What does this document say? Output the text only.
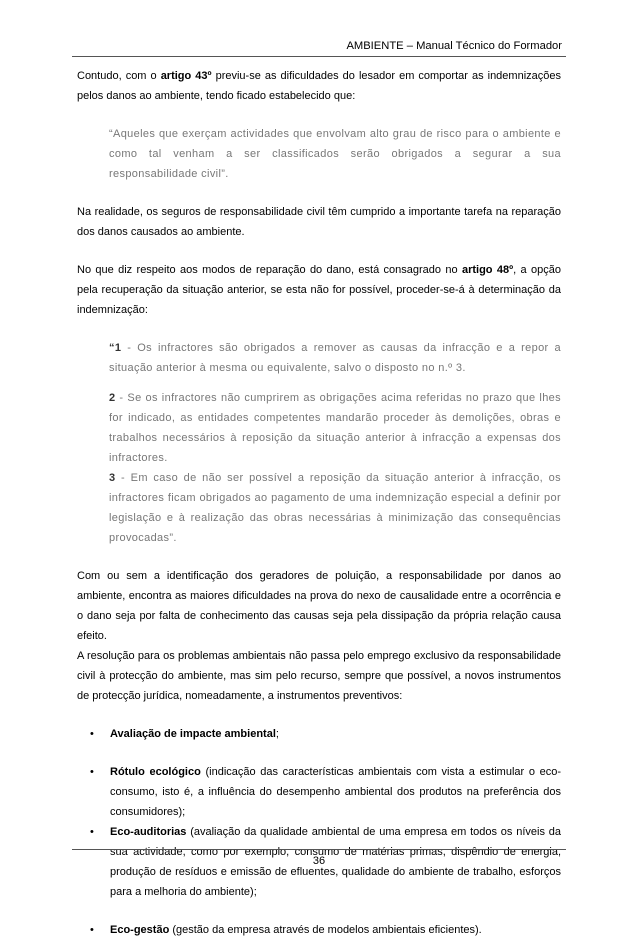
AMBIENTE – Manual Técnico do Formador

Contudo, com o artigo 43º previu-se as dificuldades do lesador em comportar as indemnizações pelos danos ao ambiente, tendo ficado estabelecido que:

“Aqueles que exerçam actividades que envolvam alto grau de risco para o ambiente e como tal venham a ser classificados serão obrigados a segurar a sua responsabilidade civil”.

Na realidade, os seguros de responsabilidade civil têm cumprido a importante tarefa na reparação dos danos causados ao ambiente.

No que diz respeito aos modos de reparação do dano, está consagrado no artigo 48º, a opção pela recuperação da situação anterior, se esta não for possível, proceder-se-á à determinação da indemnização:

“1 - Os infractores são obrigados a remover as causas da infracção e a repor a situação anterior à mesma ou equivalente, salvo o disposto no n.º 3.

2 - Se os infractores não cumprirem as obrigações acima referidas no prazo que lhes for indicado, as entidades competentes mandarão proceder às demolições, obras e trabalhos necessários à reposição da situação anterior à infracção a expensas dos infractores.

3 - Em caso de não ser possível a reposição da situação anterior à infracção, os infractores ficam obrigados ao pagamento de uma indemnização especial a definir por legislação e à realização das obras necessárias à minimização das consequências provocadas”.

Com ou sem a identificação dos geradores de poluição, a responsabilidade por danos ao ambiente, encontra as maiores dificuldades na prova do nexo de causalidade entre a ocorrência e o dano seja por falta de conhecimento das causas seja pela dissipação da própria relação causa efeito.

A resolução para os problemas ambientais não passa pelo emprego exclusivo da responsabilidade civil à protecção do ambiente, mas sim pelo recurso, sempre que possível, a novos instrumentos de protecção jurídica, nomeadamente, a instrumentos preventivos:

• Avaliação de impacte ambiental;
• Rótulo ecológico (indicação das características ambientais com vista a estimular o eco-consumo, isto é, a influência do desempenho ambiental dos produtos na preferência dos consumidores);
• Eco-auditorias (avaliação da qualidade ambiental de uma empresa em todos os níveis da sua actividade, como por exemplo, consumo de matérias primas, dispêndio de energia, produção de resíduos e emissão de efluentes, qualidade do ambiente de trabalho, esforços para a melhoria do ambiente);
• Eco-gestão (gestão da empresa através de modelos ambientais eficientes).
36
